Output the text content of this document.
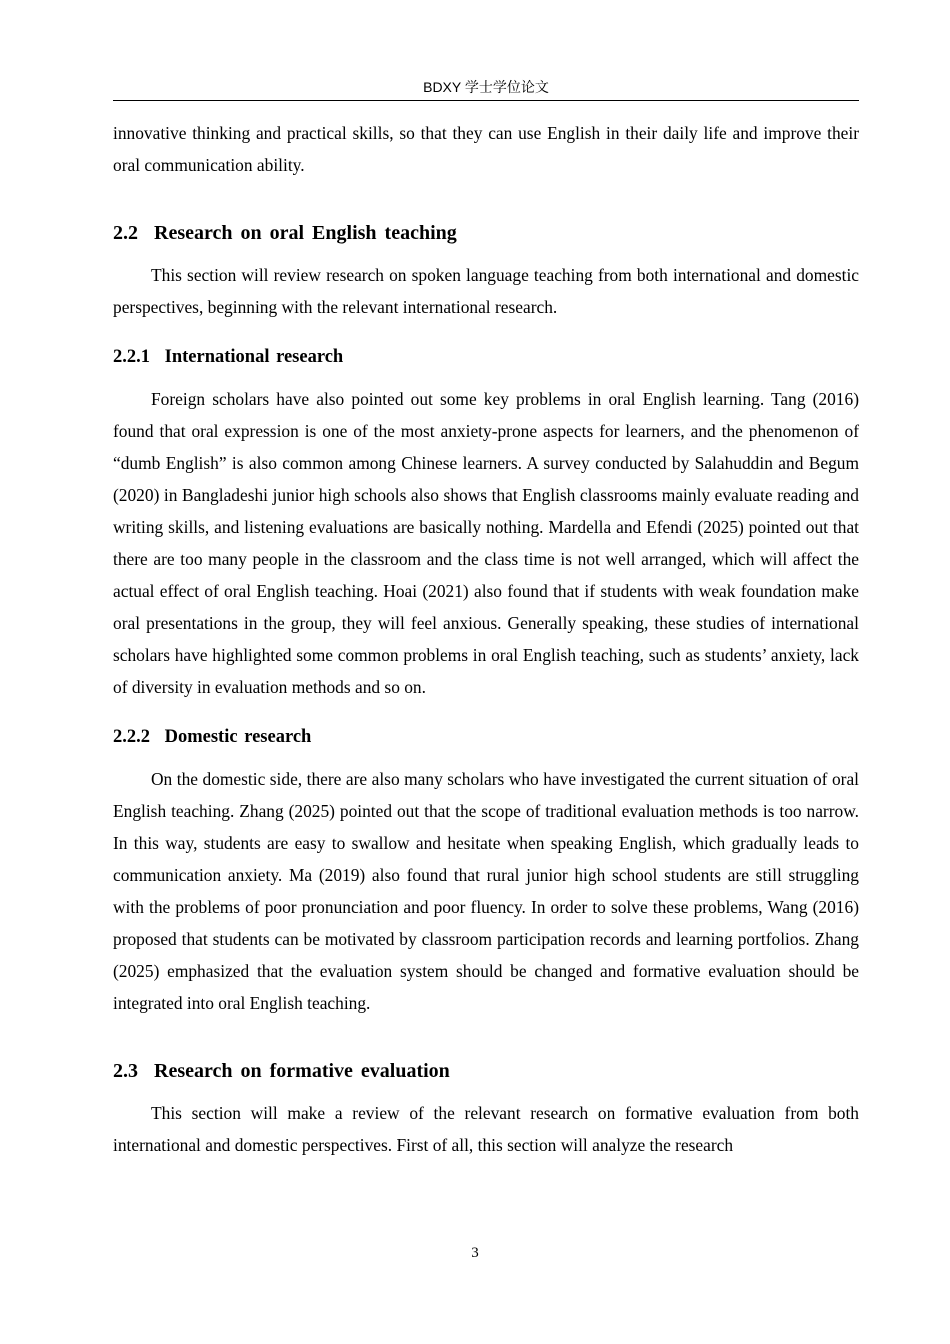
BDXY 学士学位论文

innovative thinking and practical skills, so that they can use English in their daily life and improve their oral communication ability.

2.2 Research on oral English teaching

This section will review research on spoken language teaching from both international and domestic perspectives, beginning with the relevant international research.

2.2.1 International research

Foreign scholars have also pointed out some key problems in oral English learning. Tang (2016) found that oral expression is one of the most anxiety-prone aspects for learners, and the phenomenon of “dumb English” is also common among Chinese learners. A survey conducted by Salahuddin and Begum (2020) in Bangladeshi junior high schools also shows that English classrooms mainly evaluate reading and writing skills, and listening evaluations are basically nothing. Mardella and Efendi (2025) pointed out that there are too many people in the classroom and the class time is not well arranged, which will affect the actual effect of oral English teaching. Hoai (2021) also found that if students with weak foundation make oral presentations in the group, they will feel anxious. Generally speaking, these studies of international scholars have highlighted some common problems in oral English teaching, such as students’ anxiety, lack of diversity in evaluation methods and so on.

2.2.2 Domestic research

On the domestic side, there are also many scholars who have investigated the current situation of oral English teaching. Zhang (2025) pointed out that the scope of traditional evaluation methods is too narrow. In this way, students are easy to swallow and hesitate when speaking English, which gradually leads to communication anxiety. Ma (2019) also found that rural junior high school students are still struggling with the problems of poor pronunciation and poor fluency. In order to solve these problems, Wang (2016) proposed that students can be motivated by classroom participation records and learning portfolios. Zhang (2025) emphasized that the evaluation system should be changed and formative evaluation should be integrated into oral English teaching.

2.3 Research on formative evaluation

This section will make a review of the relevant research on formative evaluation from both international and domestic perspectives. First of all, this section will analyze the research

3
